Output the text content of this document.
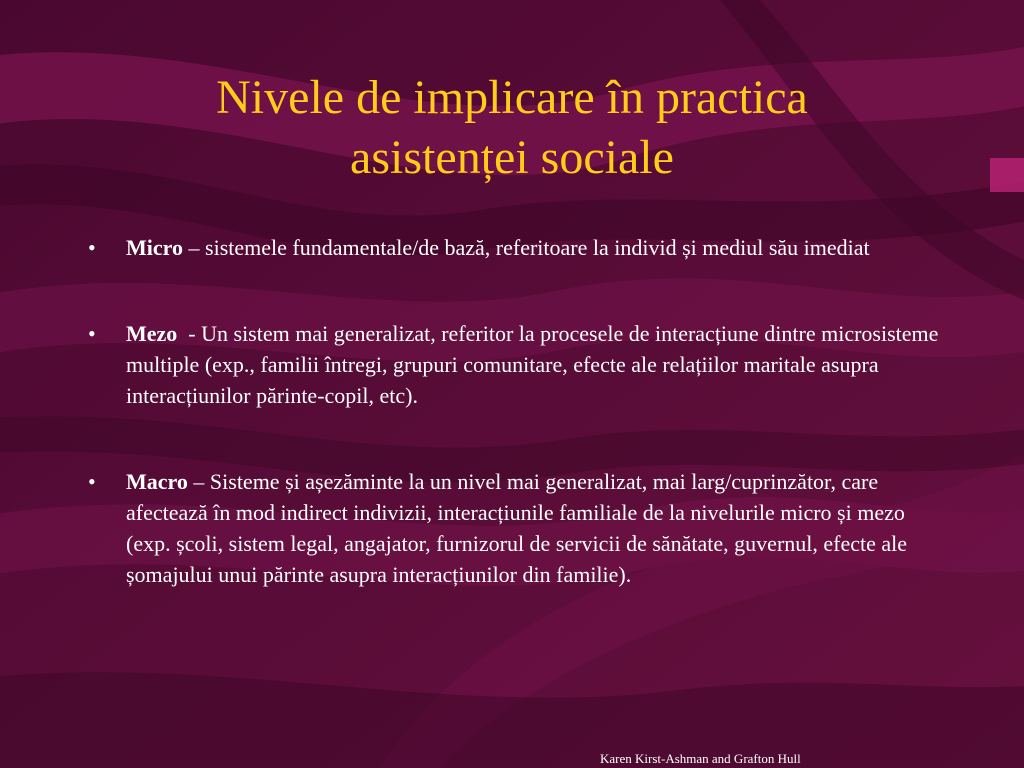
Nivele de implicare în practica
asistenței sociale
• Micro – sistemele fundamentale/de bază, referitoare la individ și mediul său imediat
• Mezo  - Un sistem mai generalizat, referitor la procesele de interacțiune dintre microsisteme multiple (exp., familii întregi, grupuri comunitare, efecte ale relațiilor maritale asupra interacțiunilor părinte-copil, etc).
• Macro – Sisteme și așezăminte la un nivel mai generalizat, mai larg/cuprinzător, care afectează în mod indirect indivizii, interacțiunile familiale de la nivelurile micro și mezo (exp. școli, sistem legal, angajator, furnizorul de servicii de sănătate, guvernul, efecte ale șomajului unui părinte asupra interacțiunilor din familie).
Karen Kirst-Ashman and Grafton Hull
